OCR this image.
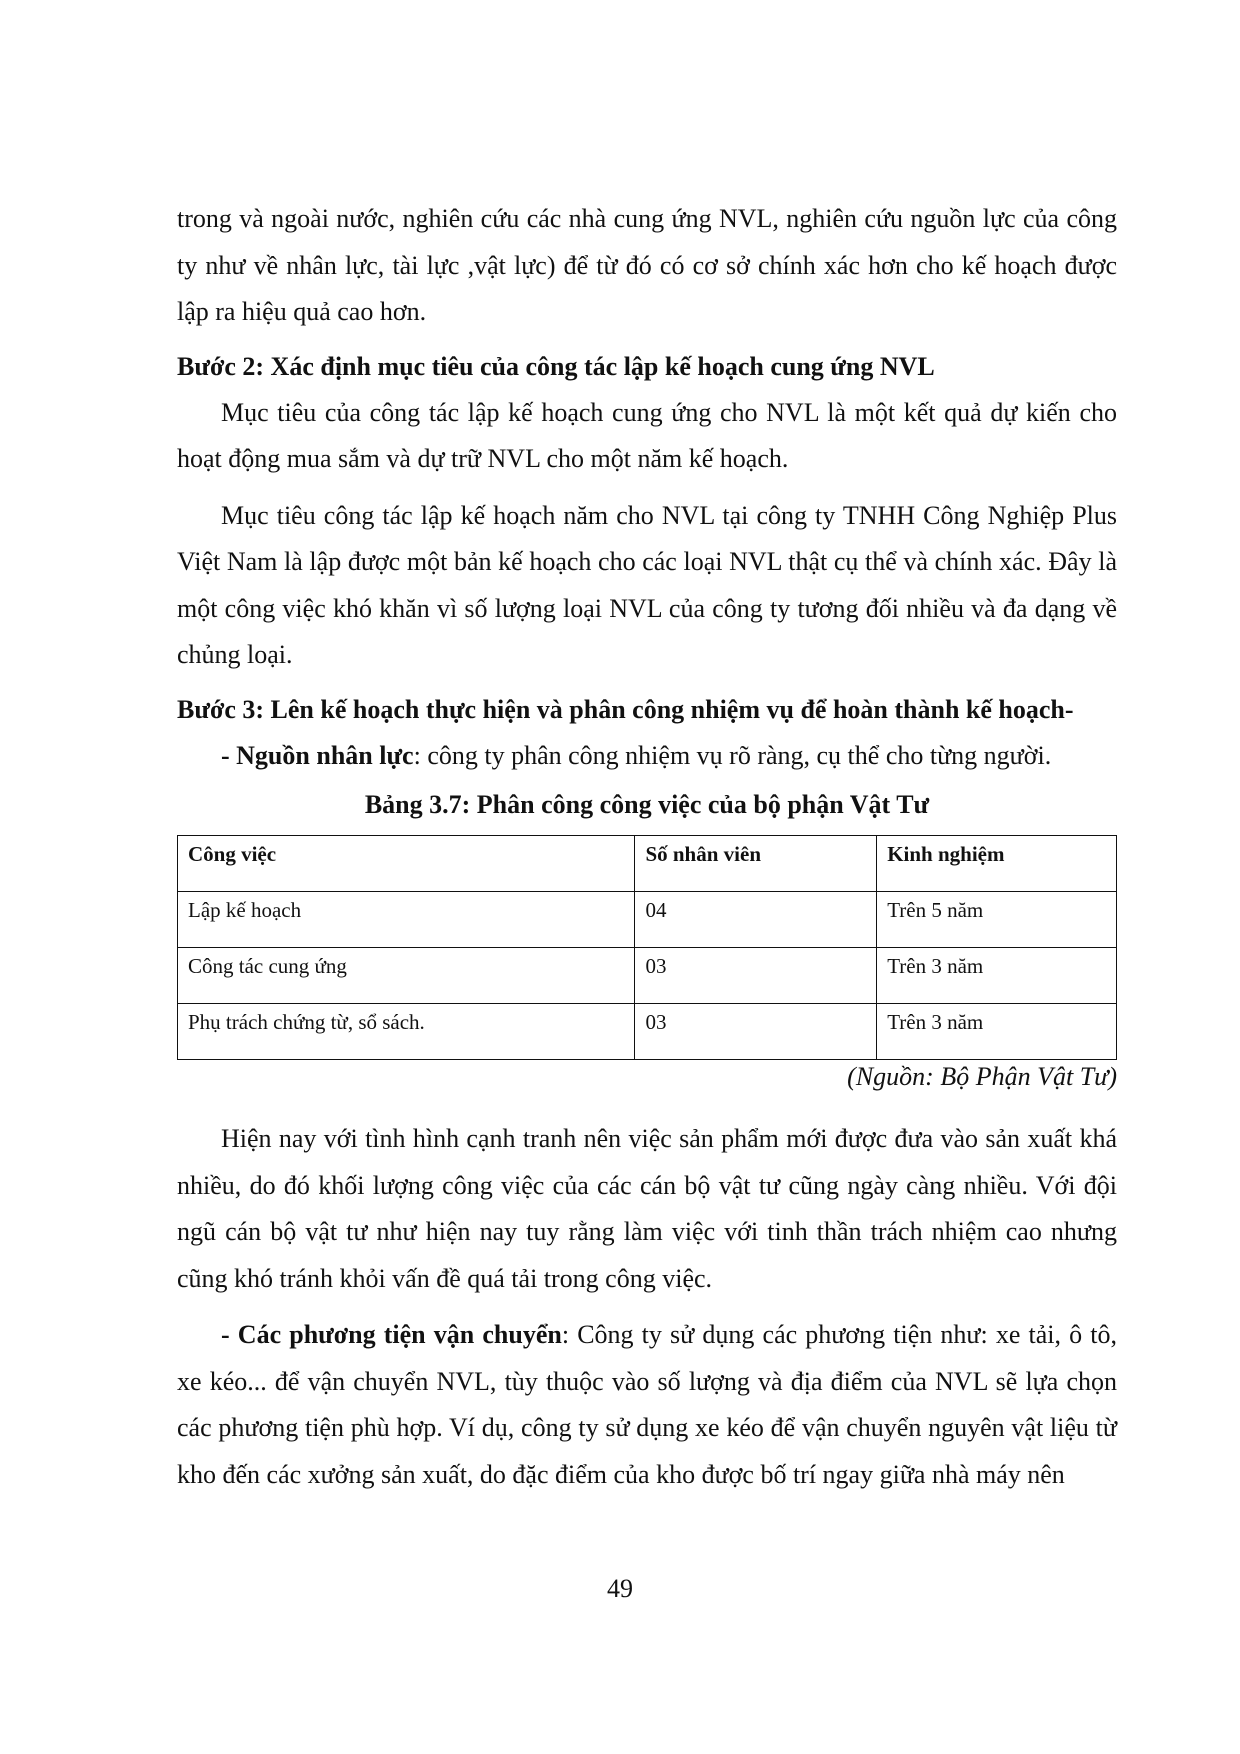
trong và ngoài nước, nghiên cứu các nhà cung ứng NVL, nghiên cứu nguồn lực của công ty như về nhân lực, tài lực ,vật lực) để từ đó có cơ sở chính xác hơn cho kế hoạch được lập ra hiệu quả cao hơn.

Bước 2: Xác định mục tiêu của công tác lập kế hoạch cung ứng NVL

Mục tiêu của công tác lập kế hoạch cung ứng cho NVL là một kết quả dự kiến cho hoạt động mua sắm và dự trữ NVL cho một năm kế hoạch.

Mục tiêu công tác lập kế hoạch năm cho NVL tại công ty TNHH Công Nghiệp Plus Việt Nam là lập được một bản kế hoạch cho các loại NVL thật cụ thể và chính xác. Đây là một công việc khó khăn vì số lượng loại NVL của công ty tương đối nhiều và đa dạng về chủng loại.

Bước 3: Lên kế hoạch thực hiện và phân công nhiệm vụ để hoàn thành kế hoạch-

- Nguồn nhân lực: công ty phân công nhiệm vụ rõ ràng, cụ thể cho từng người.

Bảng 3.7: Phân công công việc của bộ phận Vật Tư

Công việc	Số nhân viên	Kinh nghiệm
Lập kế hoạch	04	Trên 5 năm
Công tác cung ứng	03	Trên 3 năm
Phụ trách chứng từ, sổ sách.	03	Trên 3 năm

(Nguồn: Bộ Phận Vật Tư)

Hiện nay với tình hình cạnh tranh nên việc sản phẩm mới được đưa vào sản xuất khá nhiều, do đó khối lượng công việc của các cán bộ vật tư cũng ngày càng nhiều. Với đội ngũ cán bộ vật tư như hiện nay tuy rằng làm việc với tinh thần trách nhiệm cao nhưng cũng khó tránh khỏi vấn đề quá tải trong công việc.

- Các phương tiện vận chuyển: Công ty sử dụng các phương tiện như: xe tải, ô tô, xe kéo... để vận chuyển NVL, tùy thuộc vào số lượng và địa điểm của NVL sẽ lựa chọn các phương tiện phù hợp. Ví dụ, công ty sử dụng xe kéo để vận chuyển nguyên vật liệu từ kho đến các xưởng sản xuất, do đặc điểm của kho được bố trí ngay giữa nhà máy nên

49
